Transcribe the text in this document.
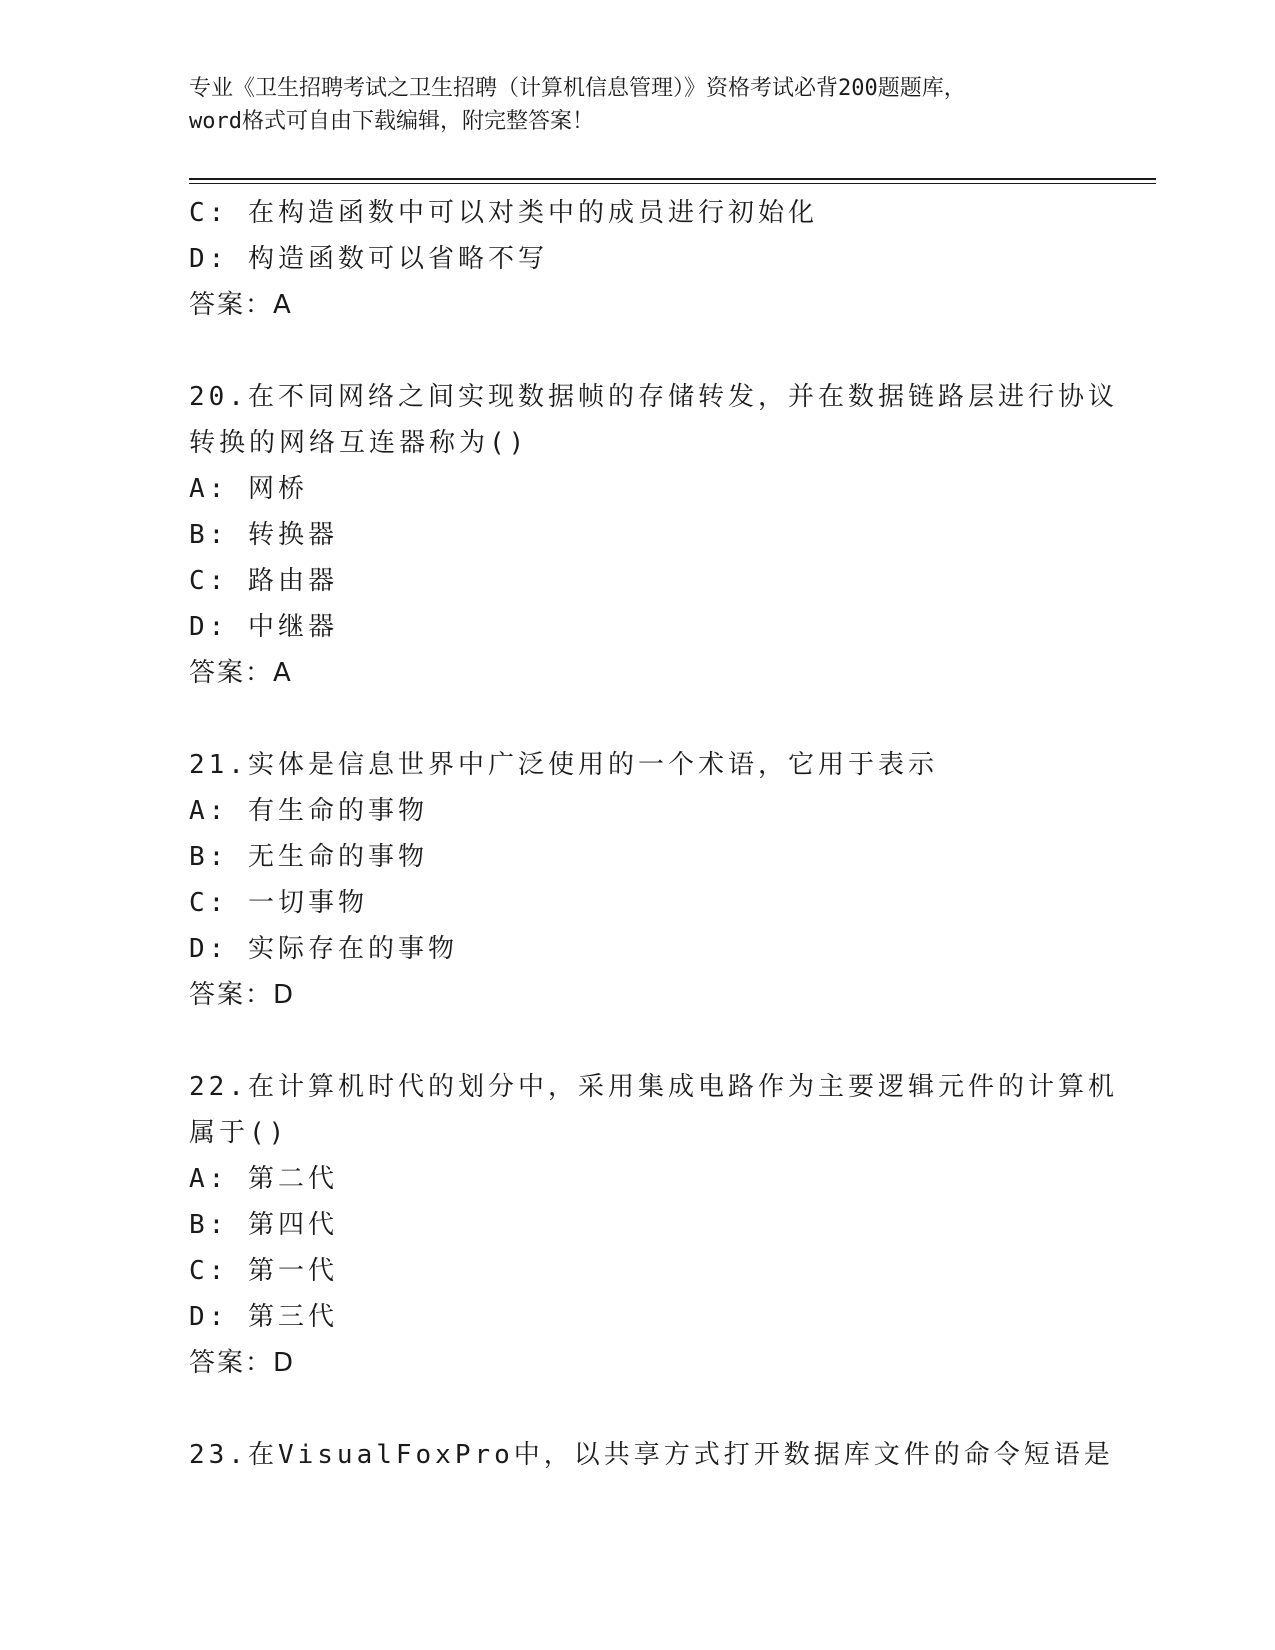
专业《卫生招聘考试之卫生招聘（计算机信息管理）》资格考试必背200题题库，
word格式可自由下载编辑，附完整答案！
C: 在构造函数中可以对类中的成员进行初始化
D: 构造函数可以省略不写
答案：A
20.在不同网络之间实现数据帧的存储转发，并在数据链路层进行协议
转换的网络互连器称为()
A: 网桥
B: 转换器
C: 路由器
D: 中继器
答案：A
21.实体是信息世界中广泛使用的一个术语，它用于表示
A: 有生命的事物
B: 无生命的事物
C: 一切事物
D: 实际存在的事物
答案：D
22.在计算机时代的划分中，采用集成电路作为主要逻辑元件的计算机
属于()
A: 第二代
B: 第四代
C: 第一代
D: 第三代
答案：D
23.在VisualFoxPro中，以共享方式打开数据库文件的命令短语是
